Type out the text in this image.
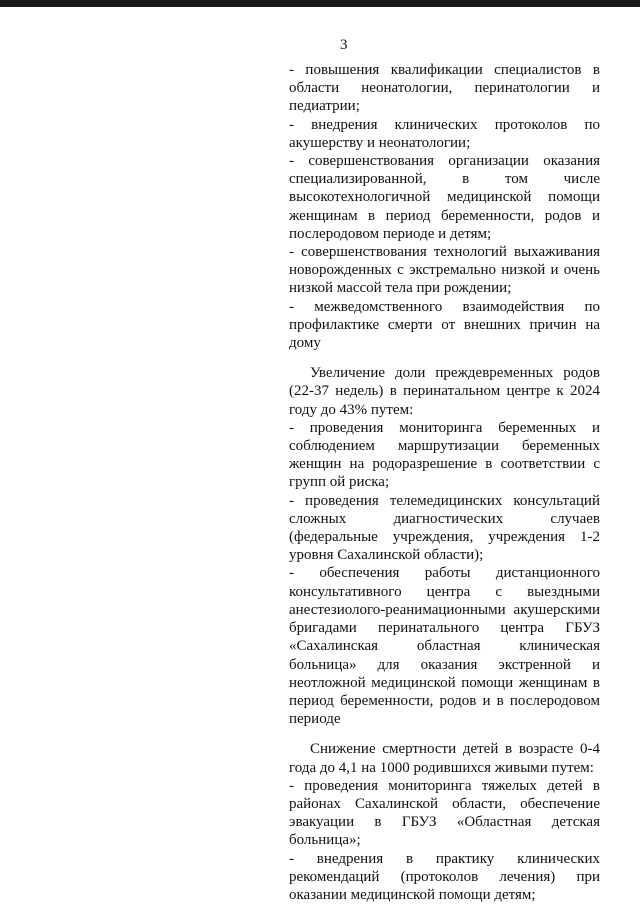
3

- повышения квалификации специалистов в области неонатологии, перинатологии и педиатрии;

- внедрения клинических протоколов по акушерству и неонатологии;

- совершенствования организации оказания специализированной, в том числе высокотехнологичной медицинской помощи женщинам в период беременности, родов и послеродовом периоде и детям;

- совершенствования технологий выхаживания новорожденных с экстремально низкой и очень низкой массой тела при рождении;

- межведомственного взаимодействия по профилактике смерти от внешних причин на дому

Увеличение доли преждевременных родов (22-37 недель) в перинатальном центре к 2024 году до 43% путем:

- проведения мониторинга беременных и соблюдением маршрутизации беременных женщин на родоразрешение в соответствии с групп ой риска;

- проведения телемедицинских консультаций сложных диагностических случаев (федеральные учреждения, учреждения 1-2 уровня Сахалинской области);

- обеспечения работы дистанционного консультативного центра с выездными анестезиолого-реанимационными акушерскими бригадами перинатального центра ГБУЗ «Сахалинская областная клиническая больница» для оказания экстренной и неотложной медицинской помощи женщинам в период беременности, родов и в послеродовом периоде

Снижение смертности детей в возрасте 0-4 года до 4,1 на 1000 родившихся живыми путем:

- проведения мониторинга тяжелых детей в районах Сахалинской области, обеспечение эвакуации в ГБУЗ «Областная детская больница»;

- внедрения в практику клинических рекомендаций (протоколов лечения) при оказании медицинской помощи детям;
